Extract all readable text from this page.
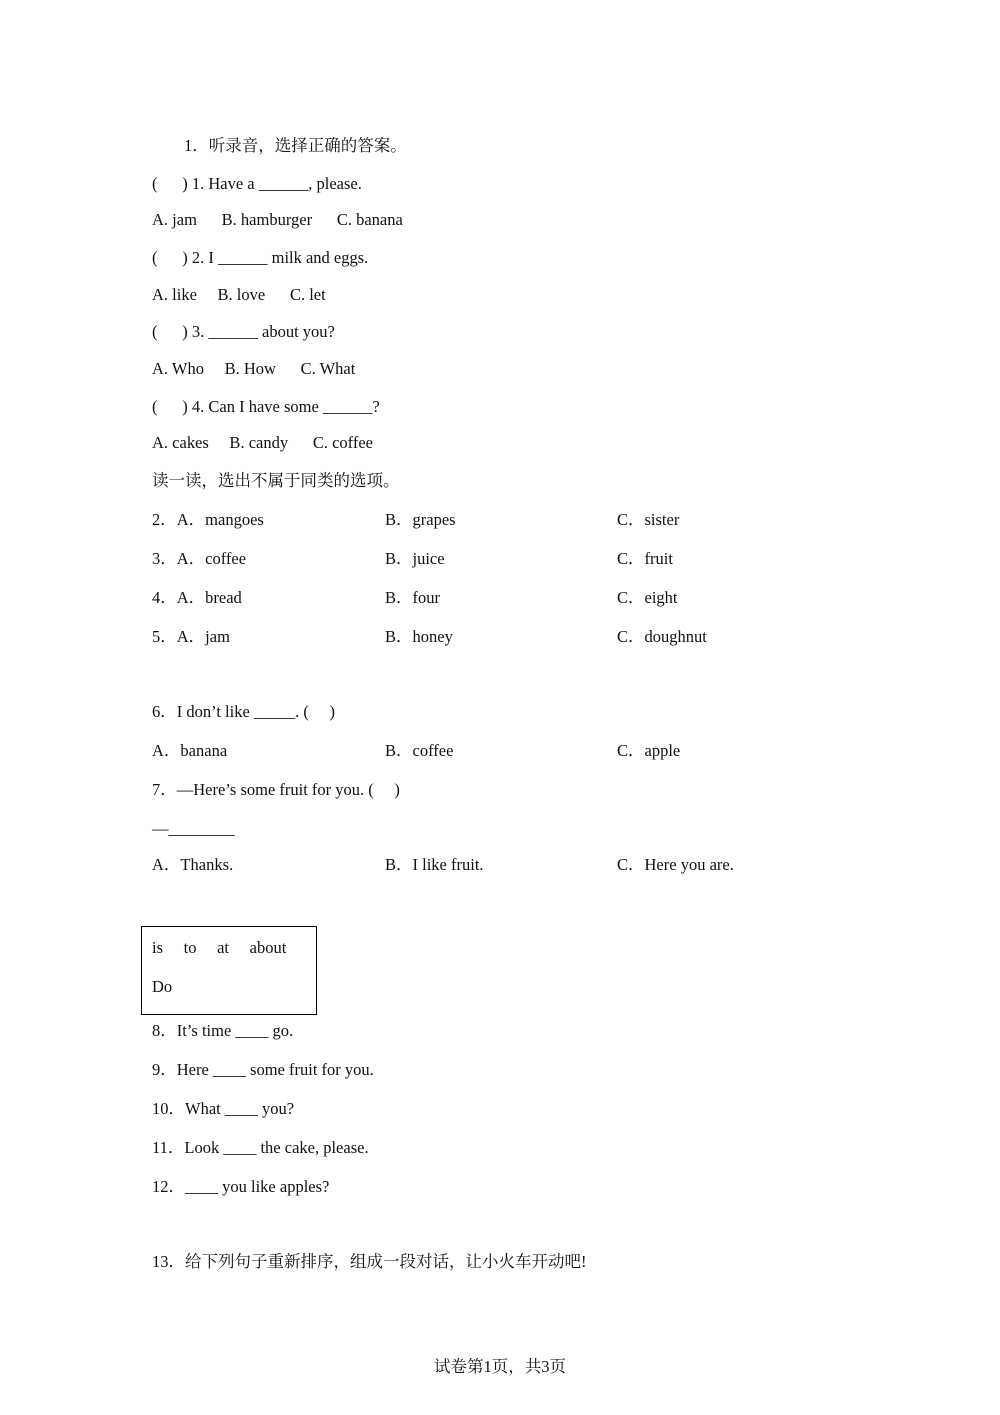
1．听录音，选择正确的答案。
(      ) 1. Have a ______, please.
A. jam      B. hamburger      C. banana
(      ) 2. I ______ milk and eggs.
A. like     B. love      C. let
(      ) 3. ______ about you?
A. Who     B. How      C. What
(      ) 4. Can I have some ______?
A. cakes     B. candy      C. coffee
读一读，选出不属于同类的选项。
2．A．mangoes	B．grapes	C．sister
3．A．coffee	B．juice	C．fruit
4．A．bread	B．four	C．eight
5．A．jam	B．honey	C．doughnut
6．I don’t like _____. (     )
A．banana	B．coffee	C．apple
7．—Here’s some fruit for you. (     )
—________
A．Thanks.	B．I like fruit.	C．Here you are.
is     to     at     about
Do
8．It’s time ____ go.
9．Here ____ some fruit for you.
10．What ____ you?
11．Look ____ the cake, please.
12．____ you like apples?
13．给下列句子重新排序，组成一段对话，让小火车开动吧!
试卷第1页，共3页
